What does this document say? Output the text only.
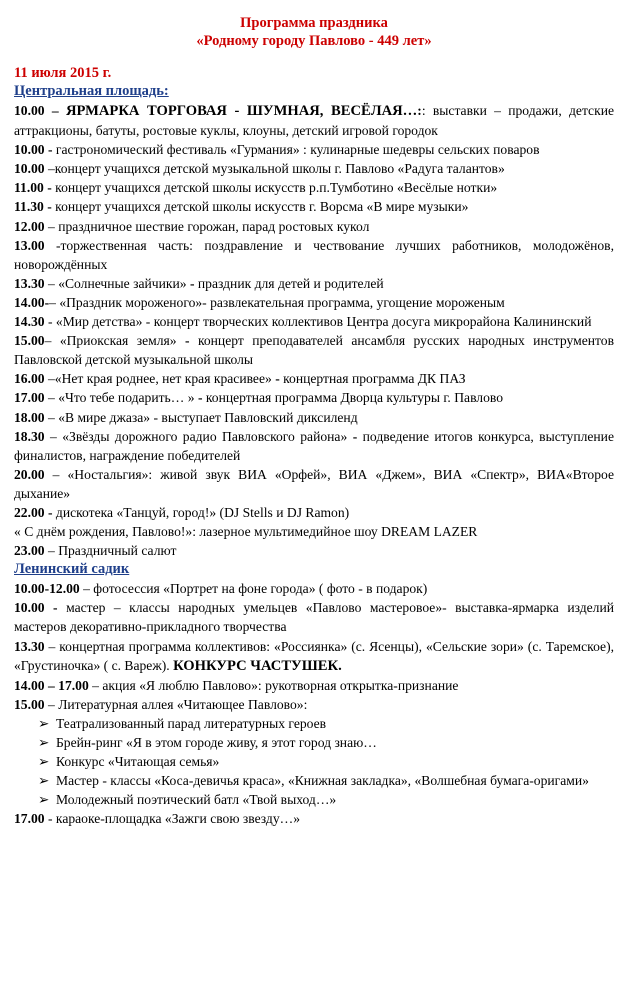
Программа праздника
«Родному городу Павлово - 449 лет»
11 июля 2015 г.
Центральная площадь:
10.00 – ЯРМАРКА ТОРГОВАЯ - ШУМНАЯ, ВЕСЁЛАЯ…:: выставки – продажи, детские аттракционы, батуты, ростовые куклы, клоуны, детский игровой городок
10.00 - гастрономический фестиваль «Гурмания» : кулинарные шедевры сельских поваров
10.00 –концерт учащихся детской музыкальной школы г. Павлово «Радуга талантов»
11.00 - концерт учащихся детской школы искусств р.п.Тумботино «Весёлые нотки»
11.30 - концерт учащихся детской школы искусств г. Ворсма «В мире музыки»
12.00 – праздничное шествие горожан, парад ростовых кукол
13.00 -торжественная часть: поздравление и чествование лучших работников, молодожёнов, новорождённых
13.30 – «Солнечные зайчики» - праздник для детей и родителей
14.00-– «Праздник мороженого»- развлекательная программа, угощение мороженым
14.30 - «Мир детства» - концерт творческих коллективов Центра досуга микрорайона Калининский
15.00– «Приокская земля» - концерт преподавателей ансамбля русских народных инструментов Павловской детской музыкальной школы
16.00 –«Нет края роднее, нет края красивее» - концертная программа ДК ПАЗ
17.00 – «Что тебе подарить… » - концертная программа Дворца культуры г. Павлово
18.00 – «В мире джаза» - выступает Павловский диксиленд
18.30 – «Звёзды дорожного радио Павловского района» - подведение итогов конкурса, выступление финалистов, награждение победителей
20.00 – «Ностальгия»: живой звук ВИА «Орфей», ВИА «Джем», ВИА «Спектр», ВИА«Второе дыхание»
22.00 - дискотека «Танцуй, город!» (DJ Stells и DJ Ramon)
« С днём рождения, Павлово!»: лазерное мультимедийное шоу DREAM LAZER
23.00 – Праздничный салют
Ленинский садик
10.00-12.00 – фотосессия «Портрет на фоне города» ( фото - в подарок)
10.00 - мастер – классы народных умельцев «Павлово мастеровое»- выставка-ярмарка изделий мастеров декоративно-прикладного творчества
13.30 – концертная программа коллективов: «Россиянка» (с. Ясенцы), «Сельские зори» (с. Таремское), «Грустиночка» ( с. Вареж). КОНКУРС ЧАСТУШЕК.
14.00 – 17.00 – акция «Я люблю Павлово»: рукотворная открытка-признание
15.00 – Литературная аллея «Читающее Павлово»:
➢ Театрализованный парад литературных героев
➢ Брейн-ринг «Я в этом городе живу, я этот город знаю…
➢ Конкурс «Читающая семья»
➢ Мастер - классы «Коса-девичья краса», «Книжная закладка», «Волшебная бумага-оригами»
➢ Молодежный поэтический батл «Твой выход…»
17.00 - караоке-площадка «Зажги свою звезду…»
